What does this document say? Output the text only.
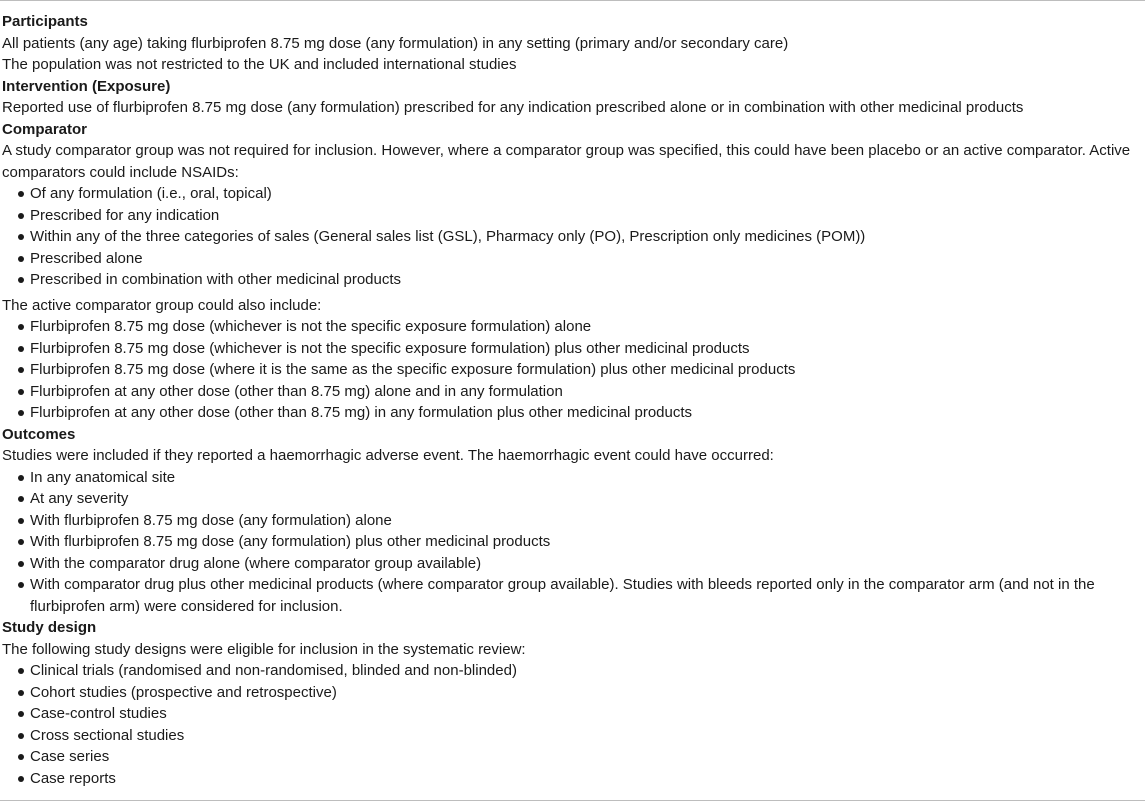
Participants

All patients (any age) taking flurbiprofen 8.75 mg dose (any formulation) in any setting (primary and/or secondary care)

The population was not restricted to the UK and included international studies

Intervention (Exposure)

Reported use of flurbiprofen 8.75 mg dose (any formulation) prescribed for any indication prescribed alone or in combination with other medicinal products

Comparator

A study comparator group was not required for inclusion. However, where a comparator group was specified, this could have been placebo or an active comparator. Active comparators could include NSAIDs:

Of any formulation (i.e., oral, topical)
Prescribed for any indication
Within any of the three categories of sales (General sales list (GSL), Pharmacy only (PO), Prescription only medicines (POM))
Prescribed alone
Prescribed in combination with other medicinal products

The active comparator group could also include:

Flurbiprofen 8.75 mg dose (whichever is not the specific exposure formulation) alone
Flurbiprofen 8.75 mg dose (whichever is not the specific exposure formulation) plus other medicinal products
Flurbiprofen 8.75 mg dose (where it is the same as the specific exposure formulation) plus other medicinal products
Flurbiprofen at any other dose (other than 8.75 mg) alone and in any formulation
Flurbiprofen at any other dose (other than 8.75 mg) in any formulation plus other medicinal products

Outcomes

Studies were included if they reported a haemorrhagic adverse event. The haemorrhagic event could have occurred:

In any anatomical site
At any severity
With flurbiprofen 8.75 mg dose (any formulation) alone
With flurbiprofen 8.75 mg dose (any formulation) plus other medicinal products
With the comparator drug alone (where comparator group available)
With comparator drug plus other medicinal products (where comparator group available). Studies with bleeds reported only in the comparator arm (and not in the flurbiprofen arm) were considered for inclusion.

Study design

The following study designs were eligible for inclusion in the systematic review:

Clinical trials (randomised and non-randomised, blinded and non-blinded)
Cohort studies (prospective and retrospective)
Case-control studies
Cross sectional studies
Case series
Case reports
